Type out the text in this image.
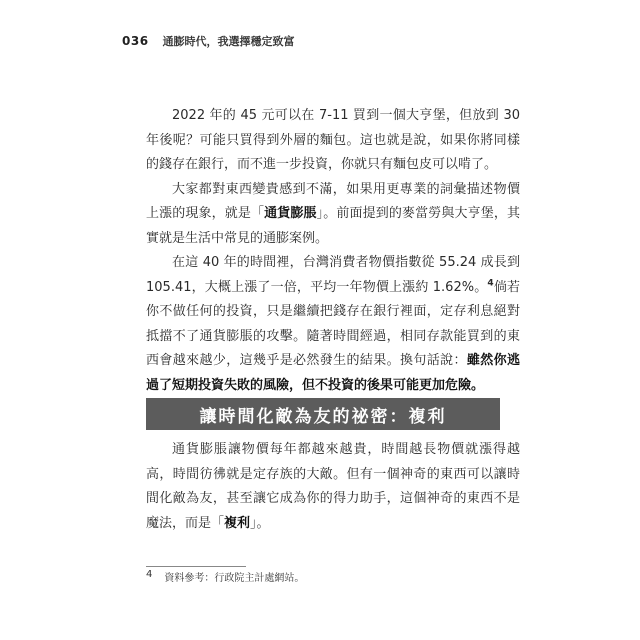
036 通膨時代，我選擇穩定致富

2022 年的 45 元可以在 7-11 買到一個大亨堡，但放到 30 年後呢？可能只買得到外層的麵包。這也就是說，如果你將同樣的錢存在銀行，而不進一步投資，你就只有麵包皮可以啃了。

大家都對東西變貴感到不滿，如果用更專業的詞彙描述物價上漲的現象，就是「通貨膨脹」。前面提到的麥當勞與大亨堡，其實就是生活中常見的通膨案例。

在這 40 年的時間裡，台灣消費者物價指數從 55.24 成長到 105.41，大概上漲了一倍，平均一年物價上漲約 1.62%。$^4$倘若你不做任何的投資，只是繼續把錢存在銀行裡面，定存利息絕對抵擋不了通貨膨脹的攻擊。隨著時間經過，相同存款能買到的東西會越來越少，這幾乎是必然發生的結果。換句話說：雖然你逃過了短期投資失敗的風險，但不投資的後果可能更加危險。

讓時間化敵為友的祕密：複利

通貨膨脹讓物價每年都越來越貴，時間越長物價就漲得越高，時間彷彿就是定存族的大敵。但有一個神奇的東西可以讓時間化敵為友，甚至讓它成為你的得力助手，這個神奇的東西不是魔法，而是「複利」。

4 資料參考：行政院主計處網站。
